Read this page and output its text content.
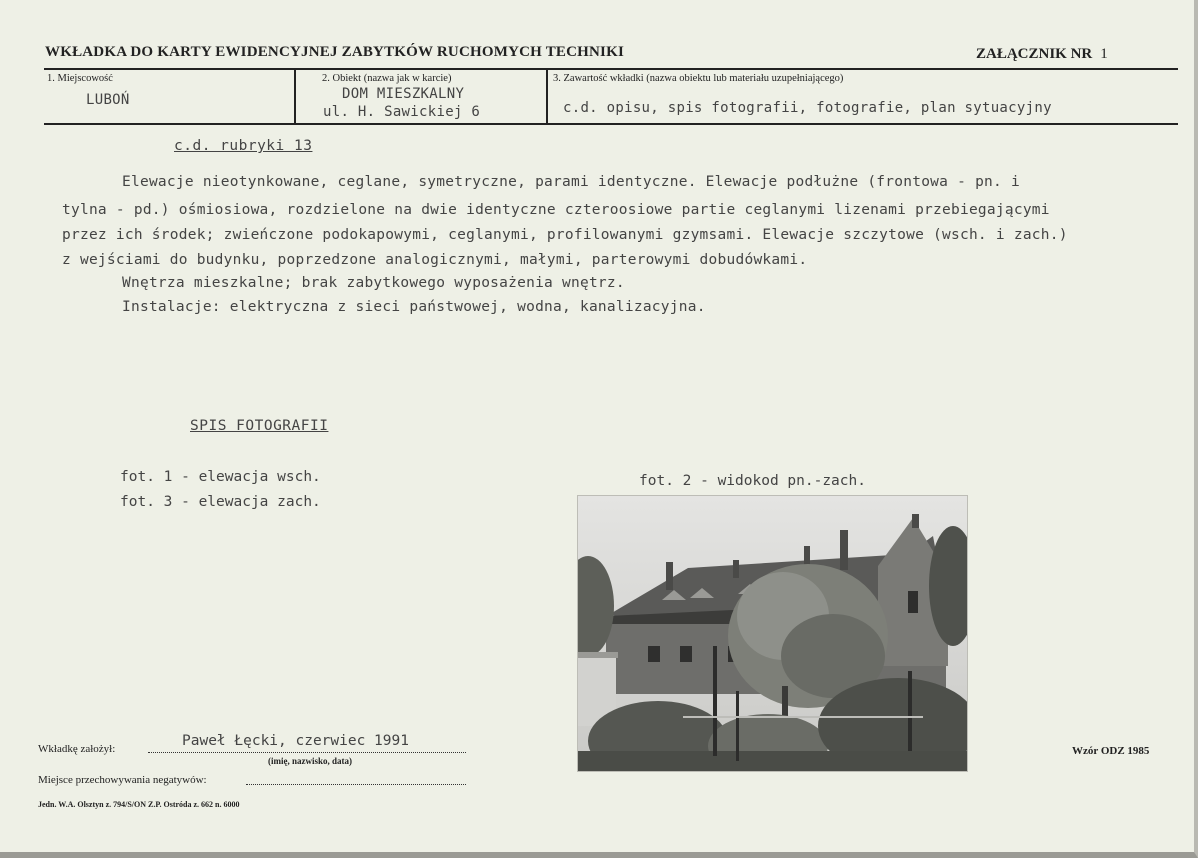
WKŁADKA DO KARTY EWIDENCYJNEJ ZABYTKÓW RUCHOMYCH TECHNIKI	ZAŁĄCZNIK NR 1
1. Miejscowość
LUBOŃ
2. Obiekt (nazwa jak w karcie)
DOM MIESZKALNY
ul. H. Sawickiej 6
3. Zawartość wkładki (nazwa obiektu lub materiału uzupełniającego)
c.d. opisu, spis fotografii, fotografie, plan sytuacyjny
c.d. rubryki 13
Elewacje nieotynkowane, ceglane, symetryczne, parami identyczne. Elewacje podłużne (frontowa - pn. i
tylna - pd.) ośmiosiowa, rozdzielone na dwie identyczne czteroosiowe partie ceglanymi lizenami przebiegającymi
przez ich środek; zwieńczone podokapowymi, ceglanymi, profilowanymi gzymsami. Elewacje szczytowe (wsch. i zach.)
z wejściami do budynku, poprzedzone analogicznymi, małymi, parterowymi dobudówkami.
Wnętrza mieszkalne; brak zabytkowego wyposażenia wnętrz.
Instalacje: elektryczna z sieci państwowej, wodna, kanalizacyjna.
SPIS FOTOGRAFII
fot. 1 - elewacja wsch.
fot. 3 - elewacja zach.
fot. 2 - widokod pn.-zach.
Wkładkę założył:	Paweł Łęcki, czerwiec 1991
(imię, nazwisko, data)
Miejsce przechowywania negatywów:
Jedn. W.A. Olsztyn z. 794/S/ON Z.P. Ostróda z. 662 n. 6000
Wzór ODZ 1985
